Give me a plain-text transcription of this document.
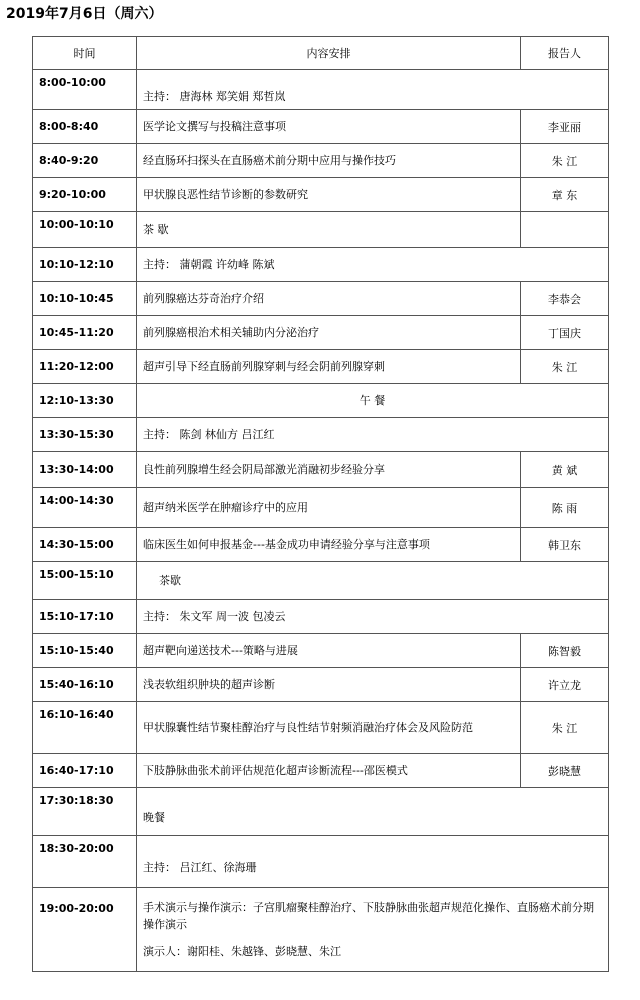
2019年7月6日（周六）
时间	内容安排	报告人
8:00-10:00	主持： 唐海林 郑笑娟 郑哲岚	
8:00-8:40	医学论文撰写与投稿注意事项	李亚丽
8:40-9:20	经直肠环扫探头在直肠癌术前分期中应用与操作技巧	朱 江
9:20-10:00	甲状腺良恶性结节诊断的参数研究	章 东
10:00-10:10	茶 歇	
10:10-12:10	主持： 蒲朝霞 许幼峰 陈斌	
10:10-10:45	前列腺癌达芬奇治疗介绍	李恭会
10:45-11:20	前列腺癌根治术相关辅助内分泌治疗	丁国庆
11:20-12:00	超声引导下经直肠前列腺穿刺与经会阴前列腺穿刺	朱 江
12:10-13:30	午 餐	
13:30-15:30	主持： 陈剑 林仙方 吕江红	
13:30-14:00	良性前列腺增生经会阴局部激光消融初步经验分享	黄 斌
14:00-14:30	超声纳米医学在肿瘤诊疗中的应用	陈 雨
14:30-15:00	临床医生如何申报基金---基金成功申请经验分享与注意事项	韩卫东
15:00-15:10	茶歇	
15:10-17:10	主持： 朱文军 周一波 包凌云	
15:10-15:40	超声靶向递送技术---策略与进展	陈智毅
15:40-16:10	浅表软组织肿块的超声诊断	许立龙
16:10-16:40	甲状腺囊性结节聚桂醇治疗与良性结节射频消融治疗体会及风险防范	朱 江
16:40-17:10	下肢静脉曲张术前评估规范化超声诊断流程---邵医模式	彭晓慧
17:30:18:30	晚餐	
18:30-20:00	主持： 吕江红、徐海珊	
19:00-20:00	手术演示与操作演示：子宫肌瘤聚桂醇治疗、下肢静脉曲张超声规范化操作、直肠癌术前分期操作演示
演示人：谢阳桂、朱越锋、彭晓慧、朱江	
